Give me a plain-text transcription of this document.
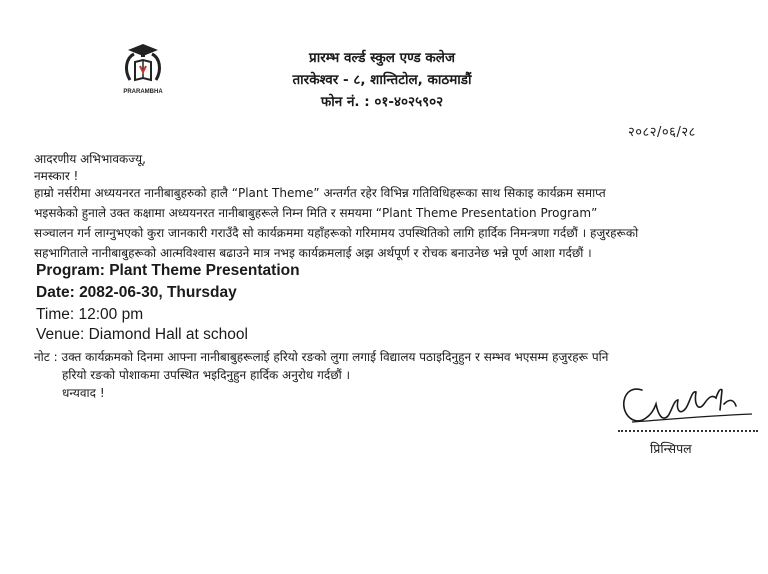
PRARAMBHA
प्रारम्भ वर्ल्ड स्कुल एण्ड कलेज
तारकेश्वर - ८, शान्तिटोल, काठमाडौं
फोन नं. : ०१-४०२५९०२
२०८२/०६/२८
आदरणीय अभिभावकज्यू,
नमस्कार !
हाम्रो नर्सरीमा अध्ययनरत नानीबाबुहरुको हालै “Plant Theme” अन्तर्गत रहेर विभिन्न गतिविधिहरूका साथ सिकाइ कार्यक्रम समाप्त
भइसकेको हुनाले उक्त कक्षामा अध्ययनरत नानीबाबुहरूले निम्न मिति र समयमा “Plant Theme Presentation Program”
सञ्चालन गर्न लाग्नुभएको कुरा जानकारी गराउँदै सो कार्यक्रममा यहाँहरूको गरिमामय उपस्थितिको लागि हार्दिक निमन्त्रणा गर्दछौं । हजुरहरूको
सहभागिताले नानीबाबुहरूको आत्मविश्वास बढाउने मात्र नभइ कार्यक्रमलाई अझ अर्थपूर्ण र रोचक बनाउनेछ भन्ने पूर्ण आशा गर्दछौं ।
Program: Plant Theme Presentation
Date: 2082-06-30, Thursday
Time: 12:00 pm
Venue: Diamond Hall at school
नोट : उक्त कार्यक्रमको दिनमा आफ्ना नानीबाबुहरूलाई हरियो रङको लुगा लगाई विद्यालय पठाइदिनुहुन र सम्भव भएसम्म हजुरहरू पनि
हरियो रङको पोशाकमा उपस्थित भइदिनुहुन हार्दिक अनुरोध गर्दछौं ।
धन्यवाद !
Gyawali
प्रिन्सिपल
